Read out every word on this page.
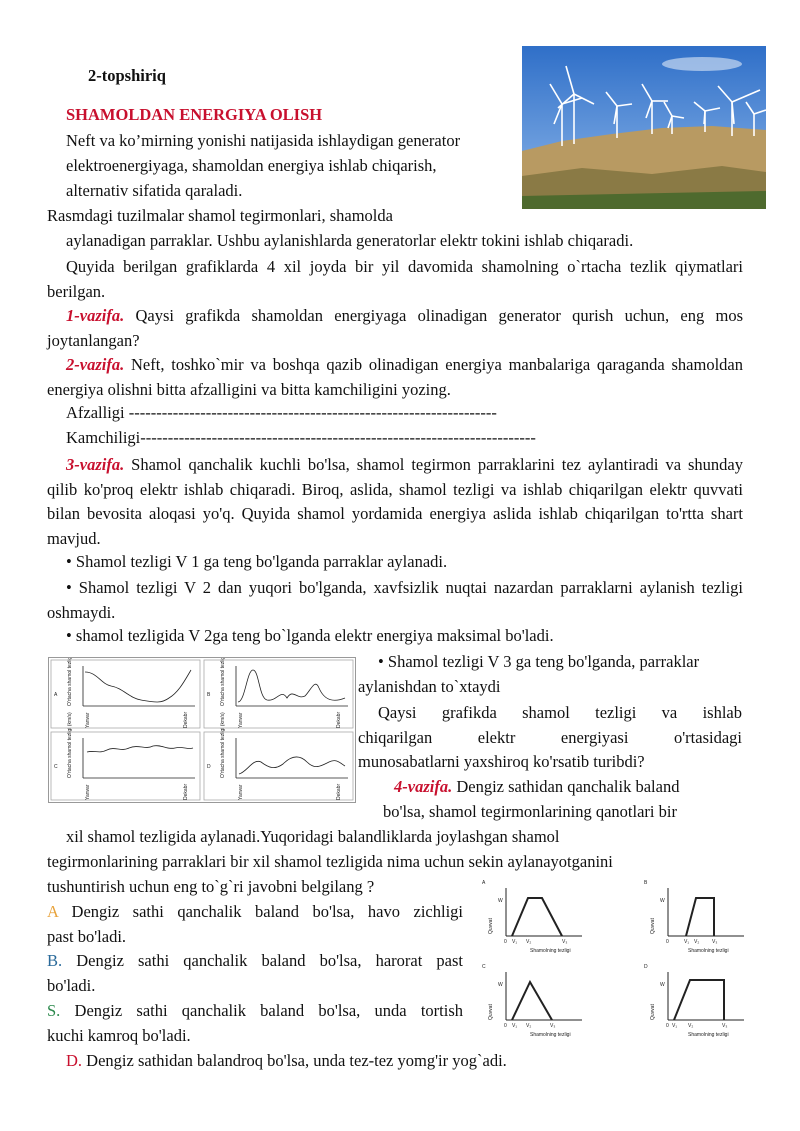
2-topshiriq
SHAMOLDAN ENERGIYA OLISH
Neft va ko’mirning yonishi natijasida ishlaydigan generator
elektroenergiyaga, shamoldan energiya ishlab chiqarish,
alternativ sifatida qaraladi.
Rasmdagi tuzilmalar shamol tegirmonlari, shamolda
aylanadigan parraklar. Ushbu aylanishlarda generatorlar elektr tokini ishlab chiqaradi.
Quyida berilgan grafiklarda 4 xil joyda bir yil davomida shamolning o`rtacha tezlik qiymatlari berilgan.
1-vazifa. Qaysi grafikda shamoldan energiyaga olinadigan generator qurish uchun, eng mos joytanlangan?
2-vazifa. Neft, toshko`mir va boshqa qazib olinadigan energiya manbalariga qaraganda shamoldan energiya olishni bitta afzalligini va bitta kamchiligini yozing.
Afzalligi -------------------------------------------------------------------
Kamchiligi------------------------------------------------------------------------
3-vazifa. Shamol qanchalik kuchli bo'lsa, shamol tegirmon parraklarini tez aylantiradi va shunday qilib ko'proq elektr ishlab chiqaradi. Biroq, aslida, shamol tezligi va ishlab chiqarilgan elektr quvvati bilan bevosita aloqasi yo'q. Quyida shamol yordamida energiya aslida ishlab chiqarilgan to'rtta shart mavjud.
• Shamol tezligi V 1 ga teng bo'lganda parraklar aylanadi.
• Shamol tezligi V 2 dan yuqori bo'lganda, xavfsizlik nuqtai nazardan parraklarni aylanish tezligi oshmaydi.
• shamol tezligida V 2ga teng bo`lganda elektr energiya maksimal bo'ladi.
A O'rtacha shamol tezligi (km/s)
Yanvar	Dekabr
B O'rtacha shamol tezligi (km/s)
Yanvar	Dekabr
C O'rtacha shamol tezligi (km/s)
Yanvar	Dekabr
D O'rtacha shamol tezligi (km/s)
Yanvar	Dekabr
• Shamol tezligi V 3 ga teng bo'lganda, parraklar
aylanishdan to`xtaydi
Qaysi grafikda shamol tezligi va ishlab
chiqarilgan elektr energiyasi o'rtasidagi
munosabatlarni yaxshiroq ko'rsatib turibdi?
4-vazifa. Dengiz sathidan qanchalik baland
bo'lsa, shamol tegirmonlarining qanotlari bir
xil shamol tezligida aylanadi.Yuqoridagi balandliklarda joylashgan shamol
tegirmonlarining parraklari bir xil shamol tezligida nima uchun sekin aylanayotganini
tushuntirish uchun eng to`g`ri javobni belgilang ?
A Dengiz sathi qanchalik baland bo'lsa, havo zichligi
past bo'ladi.
B. Dengiz sathi qanchalik baland bo'lsa, harorat past
bo'ladi.
S. Dengiz sathi qanchalik baland bo'lsa, unda tortish
kuchi kamroq bo'ladi.
D. Dengiz sathidan balandroq bo'lsa, unda tez-tez yomg'ir yog`adi.
A
Quvvat
W
0 V₁ V₂	V₃
Shamolning tezligi
B
Quvvat
W
0	V₁ V₂	V₃
Shamolning tezligi
C
Quvvat
W
0 V₁ V₂	V₃
Shamolning tezligi
D
Quvvat
W
0 V₁ V₂	V₃
Shamolning tezligi
